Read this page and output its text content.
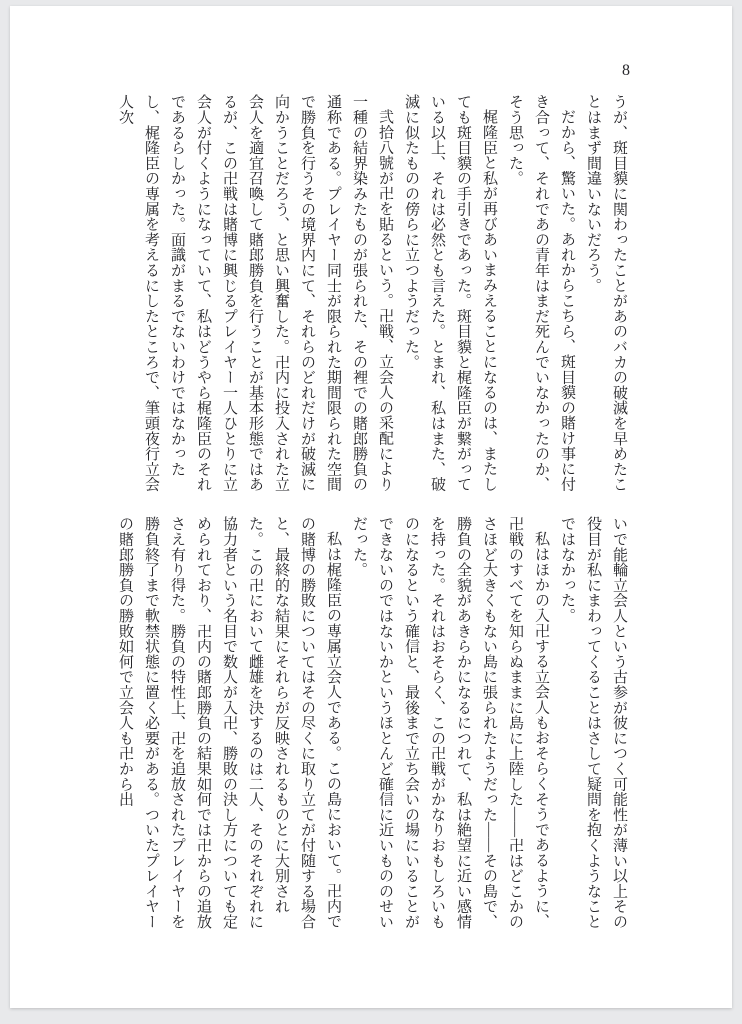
8

うが、斑目貘に関わったことがあのバカの破滅を早めたことはまず間違いないだろう。

だから、驚いた。あれからこちら、斑目貘の賭け事に付き合って、それであの青年はまだ死んでいなかったのか、そう思った。

梶隆臣と私が再びあいまみえることになるのは、またしても斑目貘の手引きであった。斑目貘と梶隆臣が繋がっている以上、それは必然とも言えた。とまれ、私はまた、破滅に似たものの傍らに立つようだった。

弐拾八號が卍を貼るという。卍戦、立会人の采配により一種の結界染みたものが張られた、その裡での賭郎勝負の通称である。プレイヤー同士が限られた期間限られた空間で勝負を行うその境界内にて、それらのどれだけが破滅に向かうことだろう、と思い興奮した。卍内に投入された立会人を適宜召喚して賭郎勝負を行うことが基本形態ではあるが、この卍戦は賭博に興じるプレイヤー一人ひとりに立会人が付くようになっていて、私はどうやら梶隆臣のそれであるらしかった。面識がまるでないわけではなかったし、梶隆臣の専属を考えるにしたところで、筆頭夜行立会人次

いで能輪立会人という古参が彼につく可能性が薄い以上その役目が私にまわってくることはさして疑問を抱くようなことではなかった。

私はほかの入卍する立会人もおそらくそうであるように、卍戦のすべてを知らぬままに島に上陸した——卍はどこかのさほど大きくもない島に張られたようだった——その島で、勝負の全貌があきらかになるにつれて、私は絶望に近い感情を持った。それはおそらく、この卍戦がかなりおもしろいものになるという確信と、最後まで立ち会いの場にいることができないのではないかというほとんど確信に近いもののせいだった。

私は梶隆臣の専属立会人である。この島において。卍内での賭博の勝敗についてはその尽くに取り立てが付随する場合と、最終的な結果にそれらが反映されるものとに大別された。この卍において雌雄を決するのは二人、そのそれぞれに協力者という名目で数人が入卍、勝敗の決し方についても定められており、卍内の賭郎勝負の結果如何では卍からの追放さえ有り得た。勝負の特性上、卍を追放されたプレイヤーを勝負終了まで軟禁状態に置く必要がある。ついたプレイヤーの賭郎勝負の勝敗如何で立会人も卍から出
